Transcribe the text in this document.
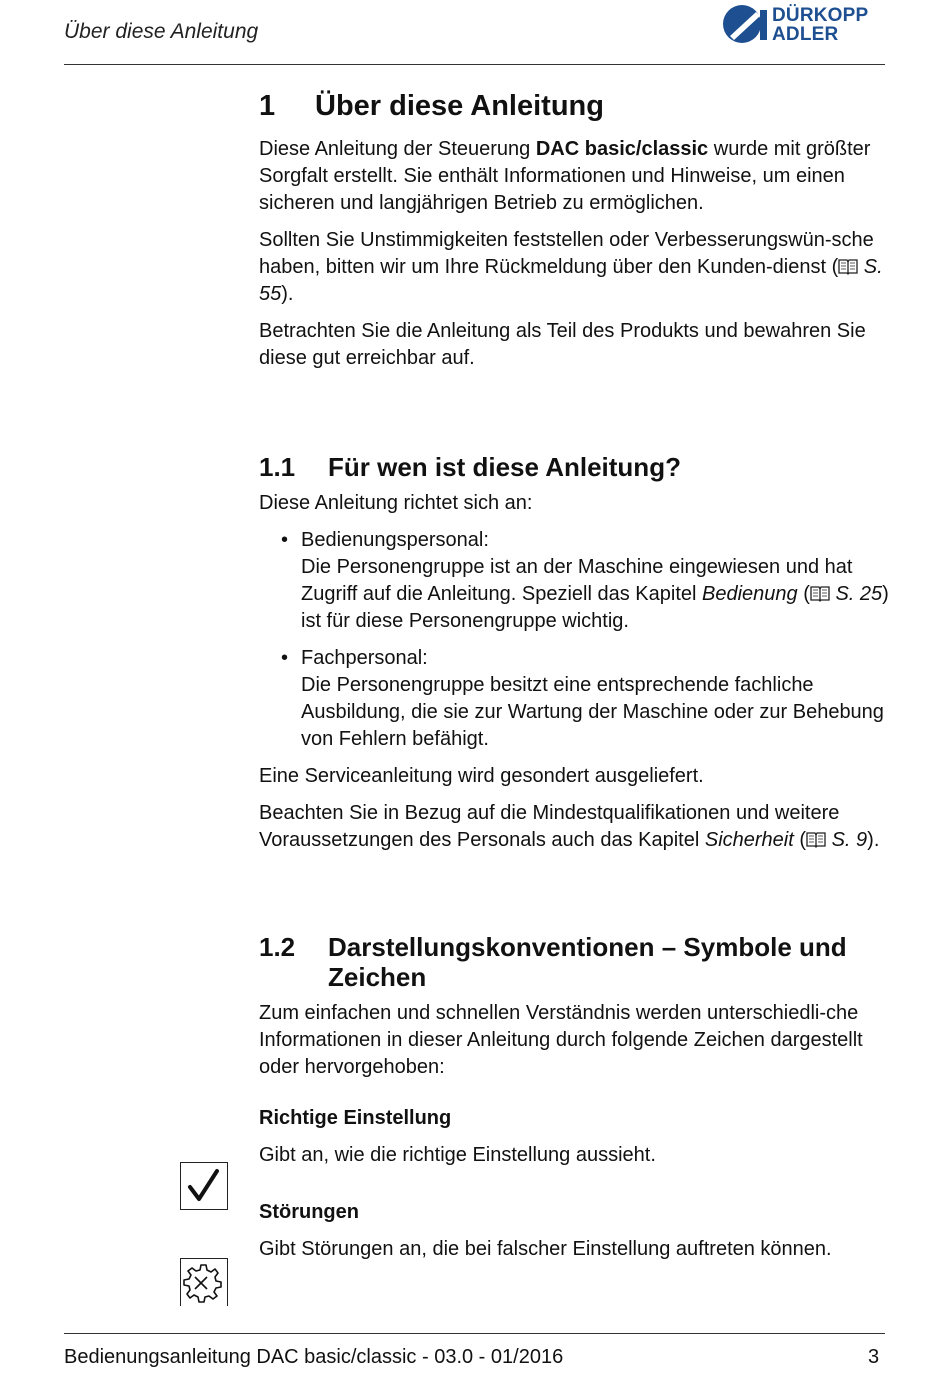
Über diese Anleitung
DÜRKOPP
ADLER
1	Über diese Anleitung

Diese Anleitung der Steuerung DAC basic/classic wurde mit größter Sorgfalt erstellt. Sie enthält Informationen und Hinweise, um einen sicheren und langjährigen Betrieb zu ermöglichen.

Sollten Sie Unstimmigkeiten feststellen oder Verbesserungswün-sche haben, bitten wir um Ihre Rückmeldung über den Kunden-dienst ( S. 55).

Betrachten Sie die Anleitung als Teil des Produkts und bewahren Sie diese gut erreichbar auf.

1.1	Für wen ist diese Anleitung?

Diese Anleitung richtet sich an:

• Bedienungspersonal:
Die Personengruppe ist an der Maschine eingewiesen und hat Zugriff auf die Anleitung. Speziell das Kapitel Bedienung ( S. 25) ist für diese Personengruppe wichtig.
• Fachpersonal:
Die Personengruppe besitzt eine entsprechende fachliche Ausbildung, die sie zur Wartung der Maschine oder zur Behebung von Fehlern befähigt.

Eine Serviceanleitung wird gesondert ausgeliefert.

Beachten Sie in Bezug auf die Mindestqualifikationen und weitere Voraussetzungen des Personals auch das Kapitel Sicherheit ( S. 9).

1.2	Darstellungskonventionen – Symbole und Zeichen

Zum einfachen und schnellen Verständnis werden unterschiedli-che Informationen in dieser Anleitung durch folgende Zeichen dargestellt oder hervorgehoben:

Richtige Einstellung

Gibt an, wie die richtige Einstellung aussieht.

Störungen

Gibt Störungen an, die bei falscher Einstellung auftreten können.

Bedienungsanleitung DAC basic/classic - 03.0 - 01/2016	3
